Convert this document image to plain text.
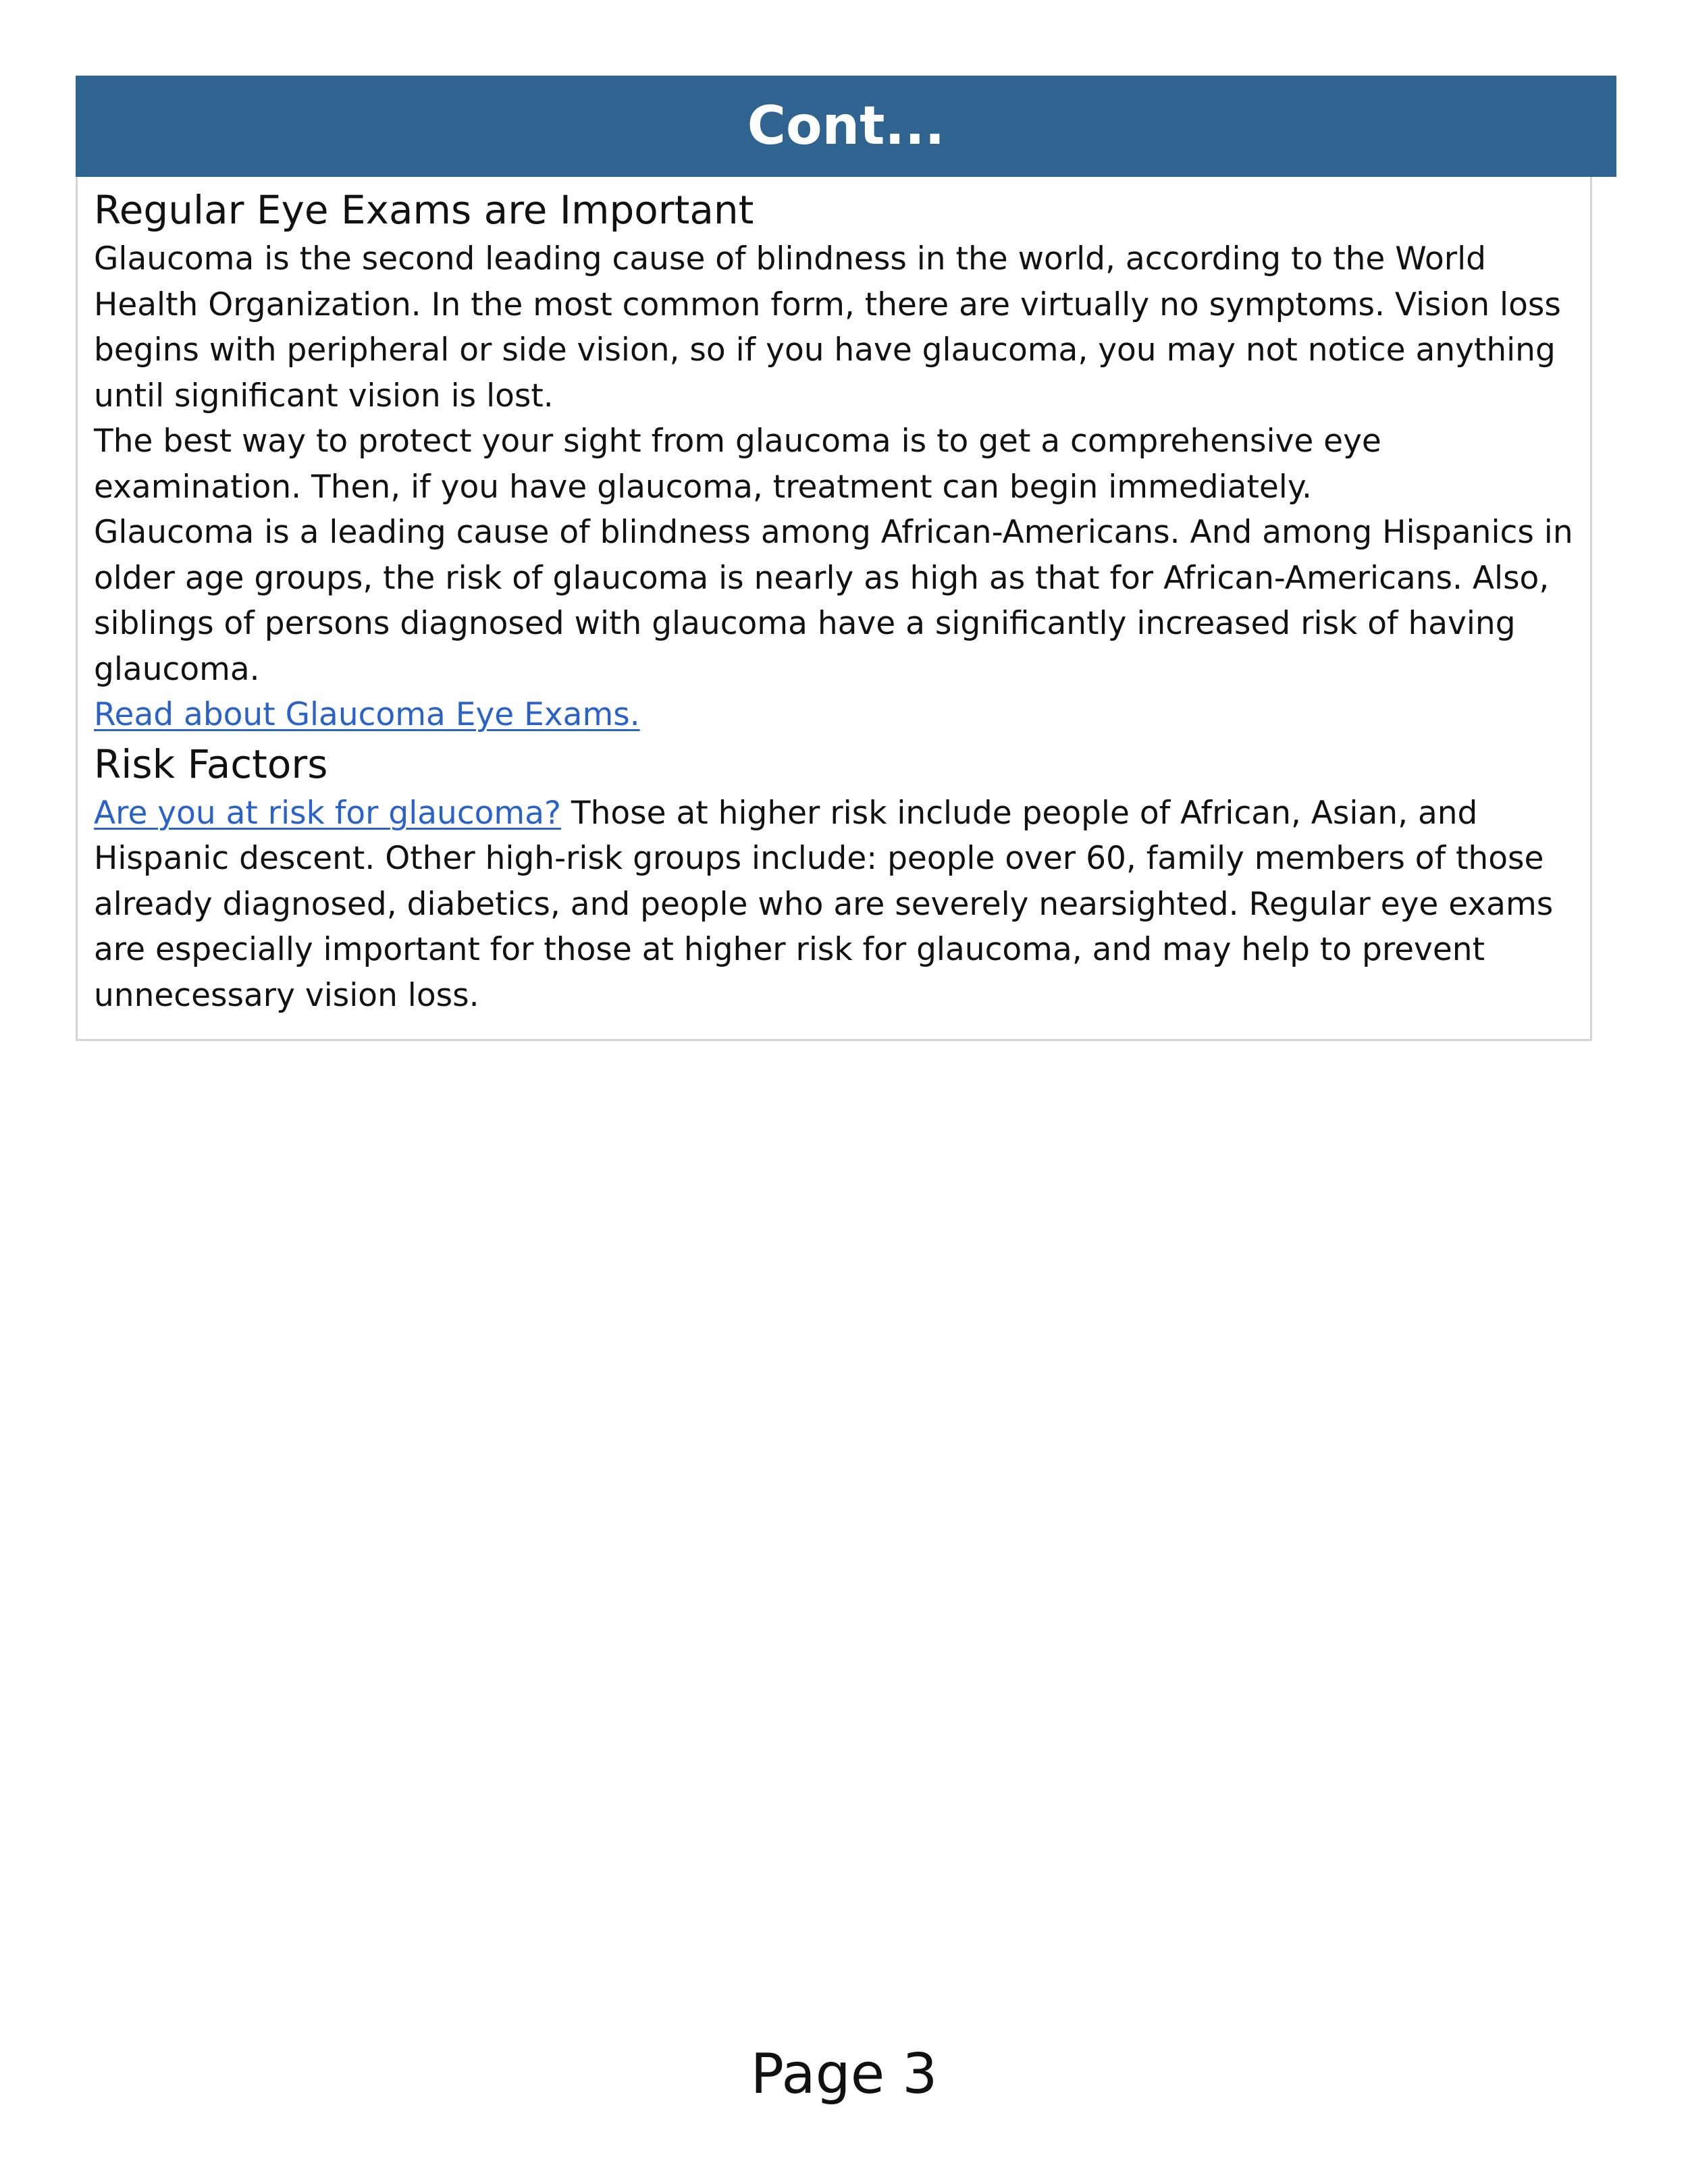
Cont...
Regular Eye Exams are Important

Glaucoma is the second leading cause of blindness in the world, according to the World Health Organization. In the most common form, there are virtually no symptoms. Vision loss begins with peripheral or side vision, so if you have glaucoma, you may not notice anything until significant vision is lost.

The best way to protect your sight from glaucoma is to get a comprehensive eye examination. Then, if you have glaucoma, treatment can begin immediately.

Glaucoma is a leading cause of blindness among African-Americans. And among Hispanics in older age groups, the risk of glaucoma is nearly as high as that for African-Americans. Also, siblings of persons diagnosed with glaucoma have a significantly increased risk of having glaucoma.

Read about Glaucoma Eye Exams.

Risk Factors

Are you at risk for glaucoma? Those at higher risk include people of African, Asian, and Hispanic descent. Other high-risk groups include: people over 60, family members of those already diagnosed, diabetics, and people who are severely nearsighted. Regular eye exams are especially important for those at higher risk for glaucoma, and may help to prevent unnecessary vision loss.

Page 3
